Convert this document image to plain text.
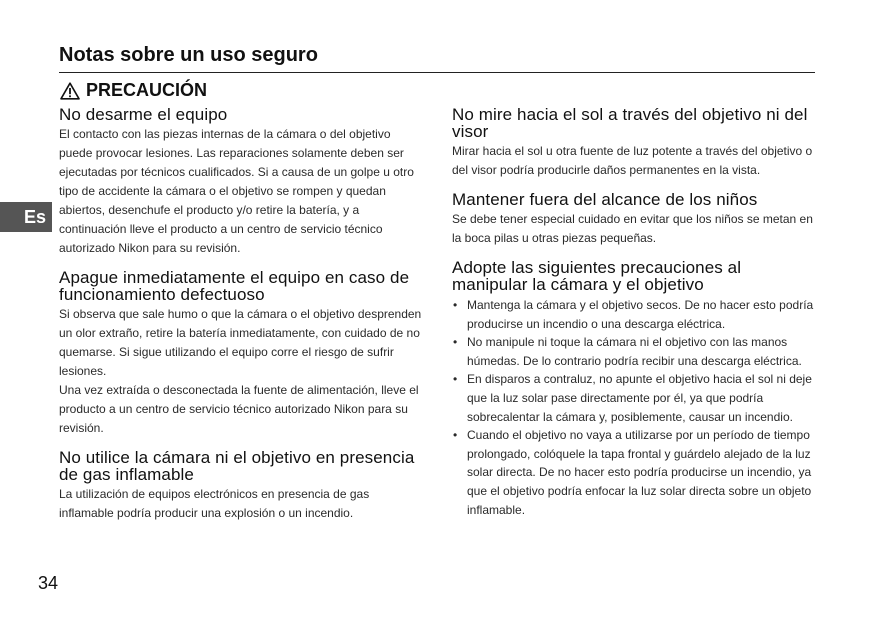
Notas sobre un uso seguro
PRECAUCIÓN
Es
34
No desarme el equipo

El contacto con las piezas internas de la cámara o del objetivo puede provocar lesiones. Las reparaciones solamente deben ser ejecutadas por técnicos cualificados. Si a causa de un golpe u otro tipo de accidente la cámara o el objetivo se rompen y quedan abiertos, desenchufe el producto y/o retire la batería, y a continuación lleve el producto a un centro de servicio técnico autorizado Nikon para su revisión.

Apague inmediatamente el equipo en caso de funcionamiento defectuoso

Si observa que sale humo o que la cámara o el objetivo desprenden un olor extraño, retire la batería inmediatamente, con cuidado de no quemarse. Si sigue utilizando el equipo corre el riesgo de sufrir lesiones.

Una vez extraída o desconectada la fuente de alimentación, lleve el producto a un centro de servicio técnico autorizado Nikon para su revisión.

No utilice la cámara ni el objetivo en presencia de gas inflamable

La utilización de equipos electrónicos en presencia de gas inflamable podría producir una explosión o un incendio.

No mire hacia el sol a través del objetivo ni del visor

Mirar hacia el sol u otra fuente de luz potente a través del objetivo o del visor podría producirle daños permanentes en la vista.

Mantener fuera del alcance de los niños

Se debe tener especial cuidado en evitar que los niños se metan en la boca pilas u otras piezas pequeñas.

Adopte las siguientes precauciones al manipular la cámara y el objetivo
• Mantenga la cámara y el objetivo secos. De no hacer esto podría producirse un incendio o una descarga eléctrica.
• No manipule ni toque la cámara ni el objetivo con las manos húmedas. De lo contrario podría recibir una descarga eléctrica.
• En disparos a contraluz, no apunte el objetivo hacia el sol ni deje que la luz solar pase directamente por él, ya que podría sobrecalentar la cámara y, posiblemente, causar un incendio.
• Cuando el objetivo no vaya a utilizarse por un período de tiempo prolongado, colóquele la tapa frontal y guárdelo alejado de la luz solar directa. De no hacer esto podría producirse un incendio, ya que el objetivo podría enfocar la luz solar directa sobre un objeto inflamable.
